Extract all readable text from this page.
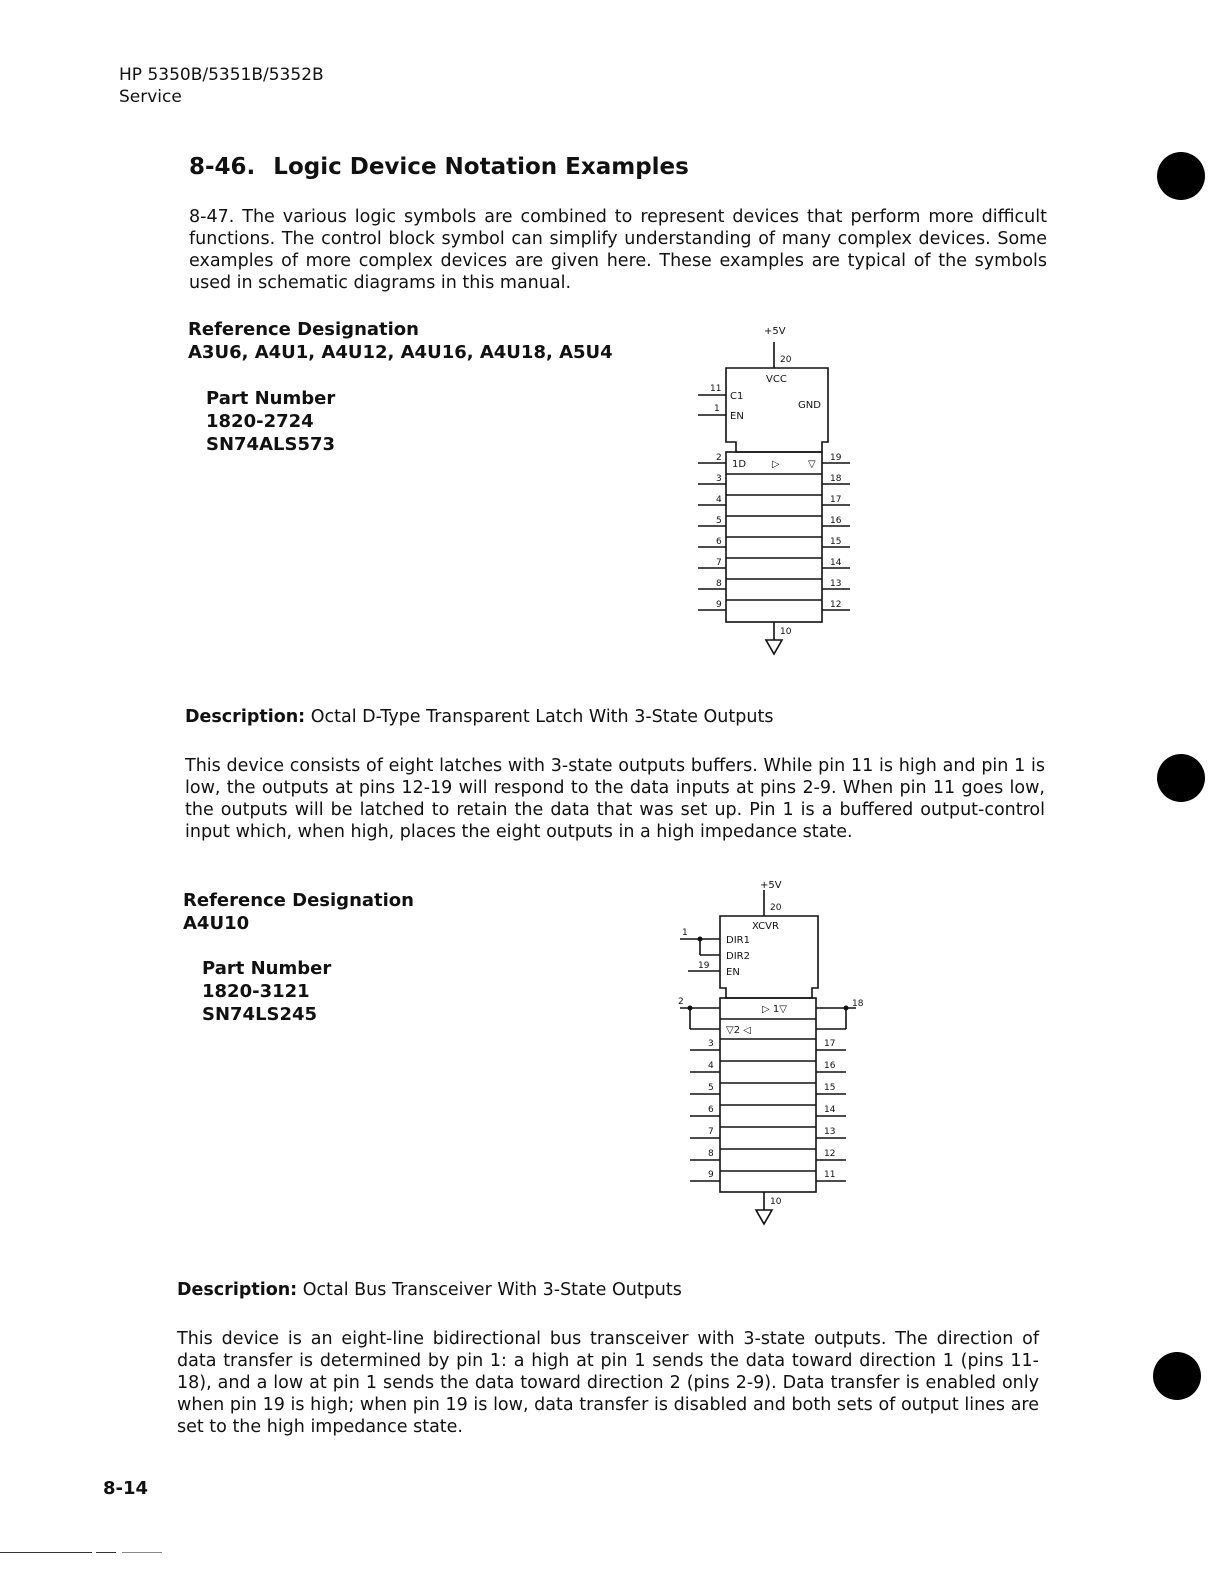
HP 5350B/5351B/5352B
Service
8-46. Logic Device Notation Examples
8-47. The various logic symbols are combined to represent devices that perform more difficult functions. The control block symbol can simplify understanding of many complex devices. Some examples of more complex devices are given here. These examples are typical of the symbols used in schematic diagrams in this manual.
Reference Designation
A3U6, A4U1, A4U12, A4U16, A4U18, A5U4
Part Number
1820-2724
SN74ALS573
+5V
20
VCC
GND
11
C1
1
EN
1D	▷	▽
2
3
4
5
6
7
8
9
19
18
17
16
15
14
13
12
10
Description: Octal D-Type Transparent Latch With 3-State Outputs
This device consists of eight latches with 3-state outputs buffers. While pin 11 is high and pin 1 is low, the outputs at pins 12-19 will respond to the data inputs at pins 2-9. When pin 11 goes low, the outputs will be latched to retain the data that was set up. Pin 1 is a buffered output-control input which, when high, places the eight outputs in a high impedance state.
Reference Designation
A4U10
Part Number
1820-3121
SN74LS245
+5V
20
XCVR
1
DIR1
DIR2
19
EN
▷ 1▽
▽2 ◁
2
3
4
5
6
7
8
9
18
17
16
15
14
13
12
11
10
Description: Octal Bus Transceiver With 3-State Outputs
This device is an eight-line bidirectional bus transceiver with 3-state outputs. The direction of data transfer is determined by pin 1: a high at pin 1 sends the data toward direction 1 (pins 11-18), and a low at pin 1 sends the data toward direction 2 (pins 2-9). Data transfer is enabled only when pin 19 is high; when pin 19 is low, data transfer is disabled and both sets of output lines are set to the high impedance state.
8-14
